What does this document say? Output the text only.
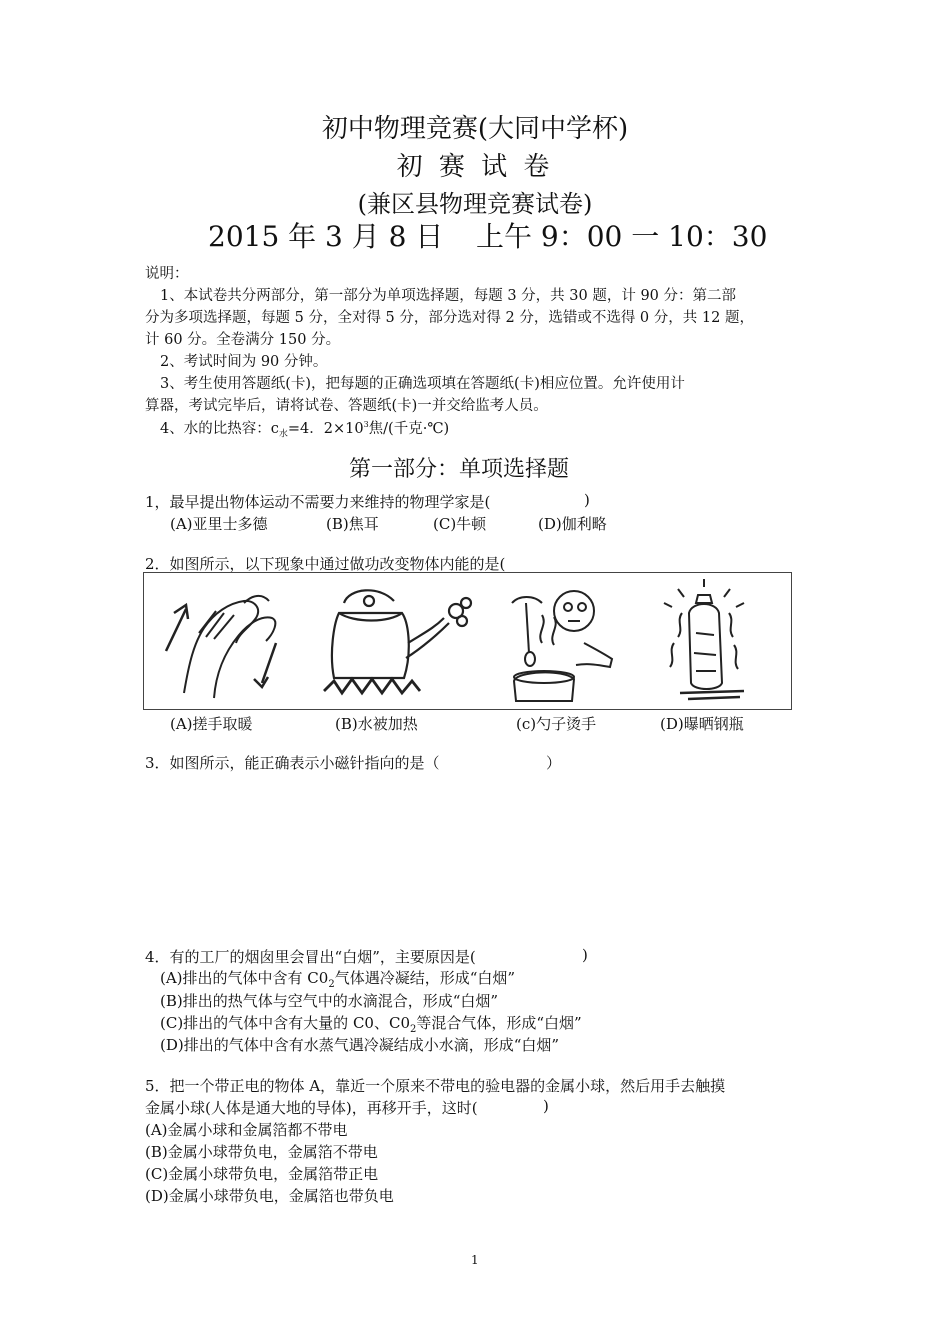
初中物理竞赛(大同中学杯)
初 赛 试 卷
(兼区县物理竞赛试卷)
2015 年 3 月 8 日 上午 9：00 一 10：30
说明：
1、本试卷共分两部分，第一部分为单项选择题，每题 3 分，共 30 题，计 90 分：第二部
分为多项选择题，每题 5 分，全对得 5 分，部分选对得 2 分，选错或不选得 0 分，共 12 题，
计 60 分。全卷满分 150 分。
2、考试时间为 90 分钟。
3、考生使用答题纸(卡)，把每题的正确选项填在答题纸(卡)相应位置。允许使用计
算器，考试完毕后，请将试卷、答题纸(卡)一并交给监考人员。
4、水的比热容：$c_水=4$．$2\times 10^3$焦/(千克·℃)
第一部分：单项选择题
1，最早提出物体运动不需要力来维持的物理学家是(	)
(A)亚里士多德	(B)焦耳	(C)牛顿	(D)伽利略
2．如图所示，以下现象中通过做功改变物体内能的是(
(A)搓手取暖	(B)水被加热	(c)勺子烫手	(D)曝晒钢瓶
3．如图所示，能正确表示小磁针指向的是（	）
4．有的工厂的烟囱里会冒出“白烟”，主要原因是(	)
(A)排出的气体中含有 $C0_2$气体遇冷凝结，形成“白烟”
(B)排出的热气体与空气中的水滴混合，形成“白烟”
(C)排出的气体中含有大量的 C0、$C0_2$等混合气体，形成“白烟”
(D)排出的气体中含有水蒸气遇冷凝结成小水滴，形成“白烟”
5．把一个带正电的物体 A，靠近一个原来不带电的验电器的金属小球，然后用手去触摸
金属小球(人体是通大地的导体)，再移开手，这时(	)
(A)金属小球和金属箔都不带电
(B)金属小球带负电，金属箔不带电
(C)金属小球带负电，金属箔带正电
(D)金属小球带负电，金属箔也带负电
1
